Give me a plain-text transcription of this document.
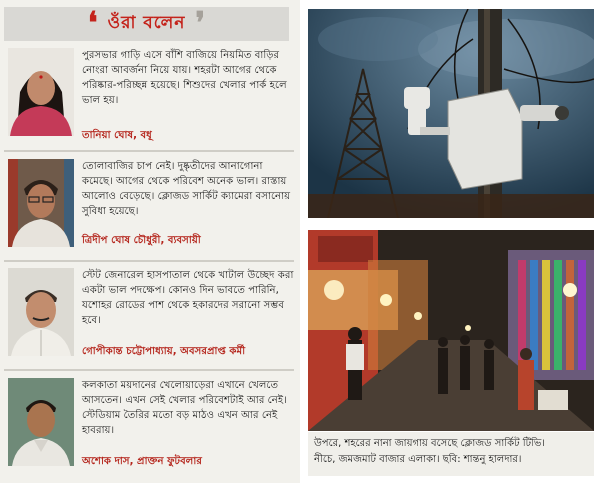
❛ ওঁরা বলেন ❜
পুরসভার গাড়ি এসে বাঁশি বাজিয়ে নিয়মিত বাড়ির নোংরা আবর্জনা নিয়ে যায়। শহরটা আগের থেকে পরিষ্কার-পরিচ্ছন্ন হয়েছে। শিশুদের খেলার পার্ক হলে ভাল হয়।
তানিয়া ঘোষ, বধূ
তোলাবাজির চাপ নেই। দুষ্কৃতীদের আনাগোনা কমেছে। আগের থেকে পরিবেশ অনেক ভাল। রাস্তায় আলোও বেড়েছে। ক্লোজড সার্কিট ক্যামেরা বসানোয় সুবিধা হয়েছে।
ত্রিদীপ ঘোষ চৌধুরী, ব্যবসায়ী
স্টেট জেনারেল হাসপাতাল থেকে খাটাল উচ্ছেদ করা একটা ভাল পদক্ষেপ। কোনও দিন ভাবতে পারিনি, যশোহর রোডের পাশ থেকে হকারদের সরানো সম্ভব হবে।
গোপীকান্ত চট্টোপাধ্যায়, অবসরপ্রাপ্ত কর্মী
কলকাতা ময়দানের খেলোয়াড়েরা এখানে খেলতে আসতেন। এখন সেই খেলার পরিবেশটাই আর নেই। স্টেডিয়াম তৈরির মতো বড় মাঠও এখন আর নেই হাবরায়।
অশোক দাস, প্রাক্তন ফুটবলার
উপরে, শহরের নানা জায়গায় বসেছে ক্লোজড সার্কিট টিভি।
নীচে, জমজমাট বাজার এলাকা। ছবি: শান্তনু হালদার।
